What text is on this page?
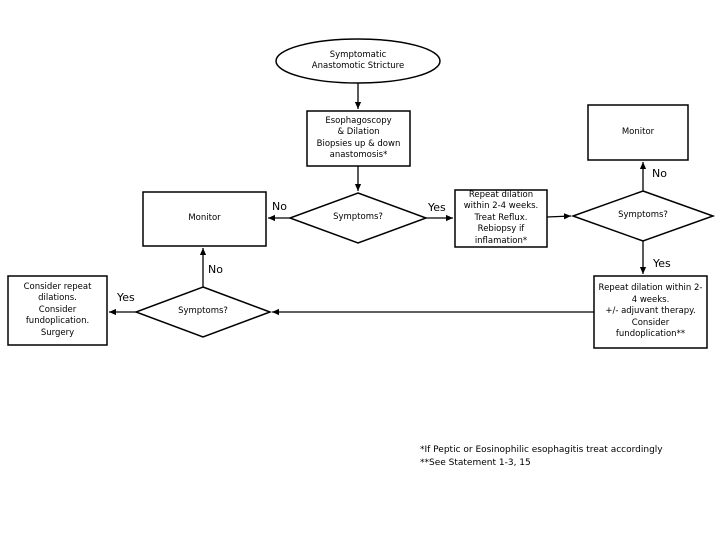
Symptomatic
Anastomotic Stricture
Esophagoscopy
& Dilation
Biopsies up & down
anastomosis*
Monitor
Monitor	Symptoms?
Repeat dilation
within 2-4 weeks.
Treat Reflux.
Rebiopsy if
inflamation*
Symptoms?
Repeat dilation within 2-
4 weeks.
+/- adjuvant therapy.
Consider
fundoplication**
Symptoms?
Consider repeat
dilations.
Consider
fundoplication.
Surgery
No	Yes
No
Yes
No
Yes
*If Peptic or Eosinophilic esophagitis treat accordingly
**See Statement 1-3, 15
